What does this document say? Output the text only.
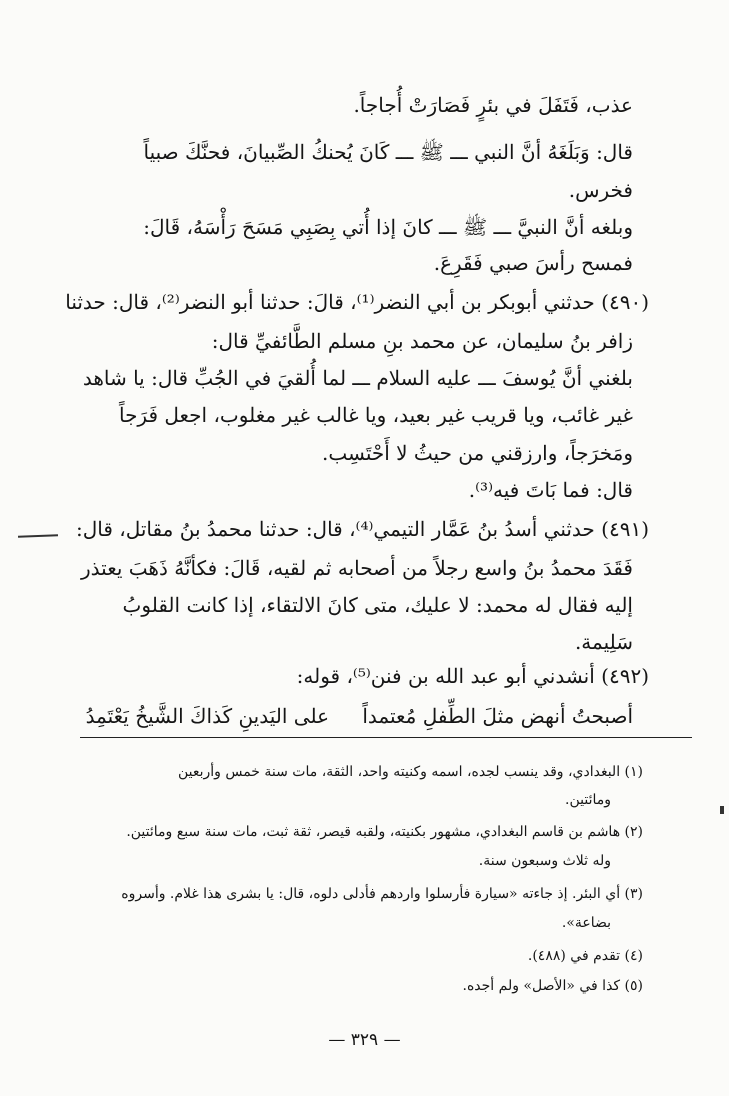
عذب، فَتَفَلَ في بئرٍ فَصَارَتْ أُجاجاً.
قال: وَبَلَغَهُ أنَّ النبي ـــ ﷺ ـــ كَانَ يُحنكُ الصِّبيانَ، فحنَّكَ صبياً
فخرس.
وبلغه أنَّ النبيَّ ـــ ﷺ ـــ كانَ إذا أُتي بِصَبِي مَسَحَ رَأْسَهُ، قَالَ:
فمسح رأسَ صبي فَقَرِعَ.
(٤٩٠) حدثني أبوبكر بن أبي النضر⁽¹⁾، قالَ: حدثنا أبو النضر⁽²⁾، قال: حدثنا
زافر بنُ سليمان، عن محمد بنِ مسلم الطَّائفيِّ قال:
بلغني أنَّ يُوسفَ ـــ عليه السلام ـــ لما أُلقيَ في الجُبِّ قال: يا شاهد
غير غائب، ويا قريب غير بعيد، ويا غالب غير مغلوب، اجعل فَرَجاً
ومَخرَجاً، وارزقني من حيثُ لا أَحْتَسِب.
قال: فما بَاتَ فيه⁽³⁾.
(٤٩١) حدثني أسدُ بنُ عَمَّار التيمي⁽⁴⁾، قال: حدثنا محمدُ بنُ مقاتل، قال:
فَقَدَ محمدُ بنُ واسع رجلاً من أصحابه ثم لقيه، قَالَ: فكأنَّهُ ذَهَبَ يعتذر
إليه فقال له محمد: لا عليك، متى كانَ الالتقاء، إذا كانت القلوبُ
سَلِيمة.
(٤٩٢) أنشدني أبو عبد الله بن فنن⁽⁵⁾، قوله:
أصبحتُ أنهض مثلَ الطِّفلِ مُعتمداً
على اليَدينِ كَذاكَ الشَّيخُ يَعْتَمِدُ
(١) البغدادي، وقد ينسب لجده، اسمه وكنيته واحد، الثقة، مات سنة خمس وأربعين
ومائتين.
(٢) هاشم بن قاسم البغدادي، مشهور بكنيته، ولقبه قيصر، ثقة ثبت، مات سنة سبع ومائتين.
وله ثلاث وسبعون سنة.
(٣) أي البئر. إذ جاءته «سيارة فأرسلوا واردهم فأدلى دلوه، قال: يا بشرى هذا غلام. وأسروه
بضاعة».
(٤) تقدم في (٤٨٨).
(٥) كذا في «الأصل» ولم أجده.
— ٣٢٩ —
